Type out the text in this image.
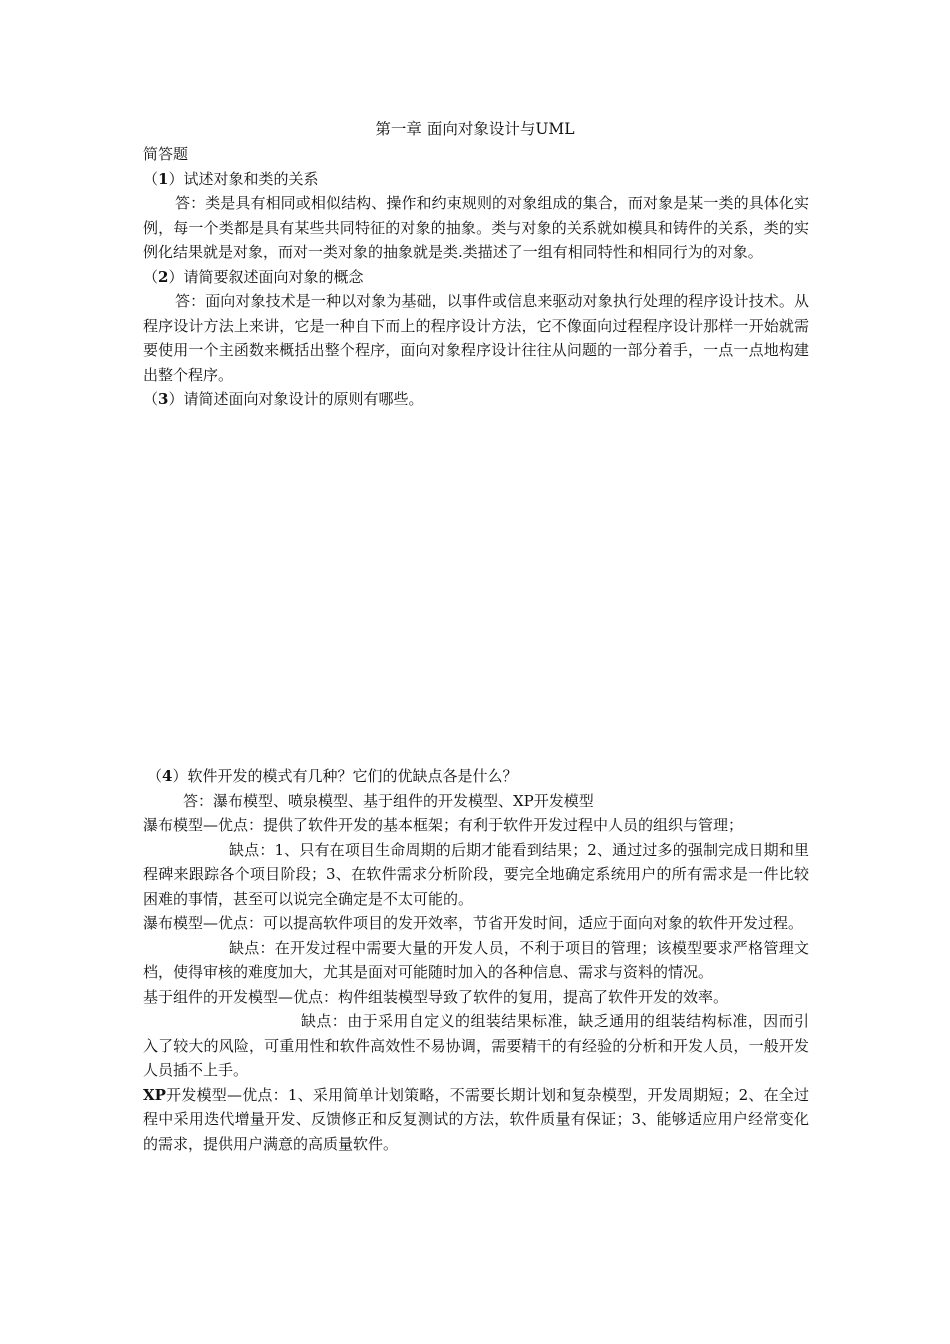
第一章 面向对象设计与UML

简答题

（1）试述对象和类的关系

答：类是具有相同或相似结构、操作和约束规则的对象组成的集合，而对象是某一类的具体化实例，每一个类都是具有某些共同特征的对象的抽象。类与对象的关系就如模具和铸件的关系，类的实例化结果就是对象，而对一类对象的抽象就是类.类描述了一组有相同特性和相同行为的对象。

（2）请简要叙述面向对象的概念

答：面向对象技术是一种以对象为基础，以事件或信息来驱动对象执行处理的程序设计技术。从程序设计方法上来讲，它是一种自下而上的程序设计方法，它不像面向过程程序设计那样一开始就需要使用一个主函数来概括出整个程序，面向对象程序设计往往从问题的一部分着手，一点一点地构建出整个程序。

（3）请简述面向对象设计的原则有哪些。

（4）软件开发的模式有几种？它们的优缺点各是什么？

答：瀑布模型、喷泉模型、基于组件的开发模型、XP开发模型

瀑布模型—优点：提供了软件开发的基本框架；有利于软件开发过程中人员的组织与管理；

缺点：1、只有在项目生命周期的后期才能看到结果；2、通过过多的强制完成日期和里程碑来跟踪各个项目阶段；3、在软件需求分析阶段，要完全地确定系统用户的所有需求是一件比较困难的事情，甚至可以说完全确定是不太可能的。

瀑布模型—优点：可以提高软件项目的发开效率，节省开发时间，适应于面向对象的软件开发过程。

缺点：在开发过程中需要大量的开发人员，不利于项目的管理；该模型要求严格管理文档，使得审核的难度加大，尤其是面对可能随时加入的各种信息、需求与资料的情况。

基于组件的开发模型—优点：构件组装模型导致了软件的复用，提高了软件开发的效率。

缺点：由于采用自定义的组装结果标准，缺乏通用的组装结构标准，因而引入了较大的风险，可重用性和软件高效性不易协调，需要精干的有经验的分析和开发人员，一般开发人员插不上手。

XP开发模型—优点：1、采用简单计划策略，不需要长期计划和复杂模型，开发周期短；2、在全过程中采用迭代增量开发、反馈修正和反复测试的方法，软件质量有保证；3、能够适应用户经常变化的需求，提供用户满意的高质量软件。
